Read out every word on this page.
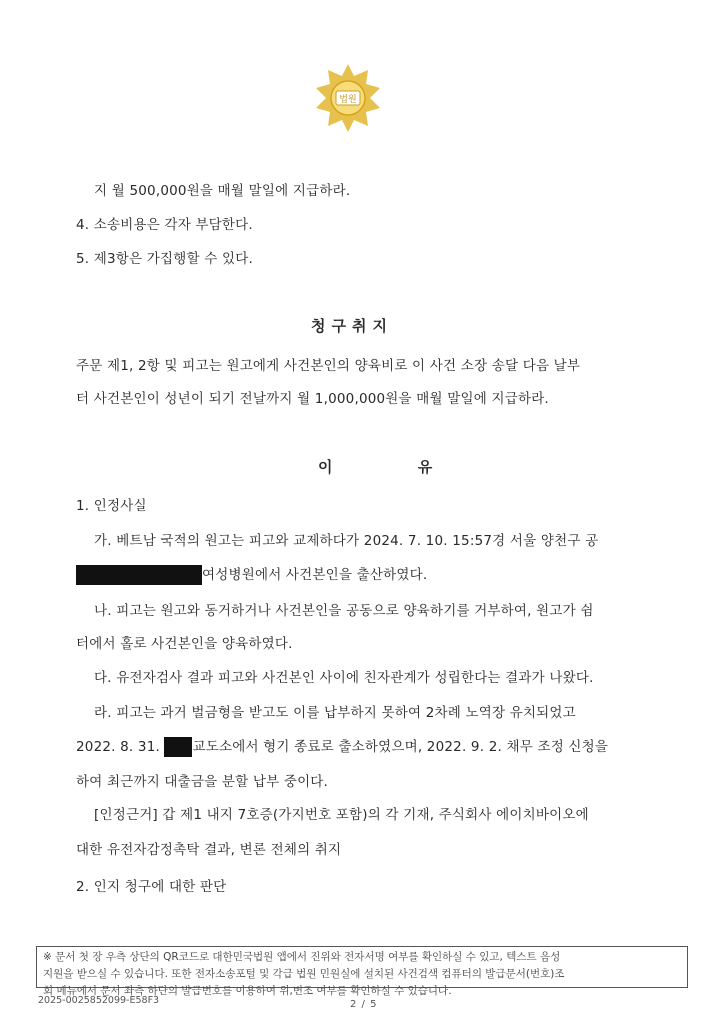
법원
지 월 500,000원을 매월 말일에 지급하라.
4. 소송비용은 각자 부담한다.
5. 제3항은 가집행할 수 있다.
청구취지
주문 제1, 2항 및 피고는 원고에게 사건본인의 양육비로 이 사건 소장 송달 다음 날부
터 사건본인이 성년이 되기 전날까지 월 1,000,000원을 매월 말일에 지급하라.
이 유
1. 인정사실
가. 베트남 국적의 원고는 피고와 교제하다가 2024. 7. 10. 15:57경 서울 양천구 공
여성병원에서 사건본인을 출산하였다.
나. 피고는 원고와 동거하거나 사건본인을 공동으로 양육하기를 거부하여, 원고가 쉼
터에서 홀로 사건본인을 양육하였다.
다. 유전자검사 결과 피고와 사건본인 사이에 친자관계가 성립한다는 결과가 나왔다.
라. 피고는 과거 벌금형을 받고도 이를 납부하지 못하여 2차례 노역장 유치되었고
2022. 8. 31. 교도소에서 형기 종료로 출소하였으며, 2022. 9. 2. 채무 조정 신청을
하여 최근까지 대출금을 분할 납부 중이다.
[인정근거] 갑 제1 내지 7호증(가지번호 포함)의 각 기재, 주식회사 에이치바이오에
대한 유전자감정촉탁 결과, 변론 전체의 취지
2. 인지 청구에 대한 판단
※ 문서 첫 장 우측 상단의 QR코드로 대한민국법원 앱에서 진위와 전자서명 여부를 확인하실 수 있고, 텍스트 음성
지원을 받으실 수 있습니다. 또한 전자소송포털 및 각급 법원 민원실에 설치된 사건검색 컴퓨터의 발급문서(번호)조
회 메뉴에서 문서 좌측 하단의 발급번호를 이용하여 위,변조 여부를 확인하실 수 있습니다.
2025-0025852099-E58F3	2 / 5
